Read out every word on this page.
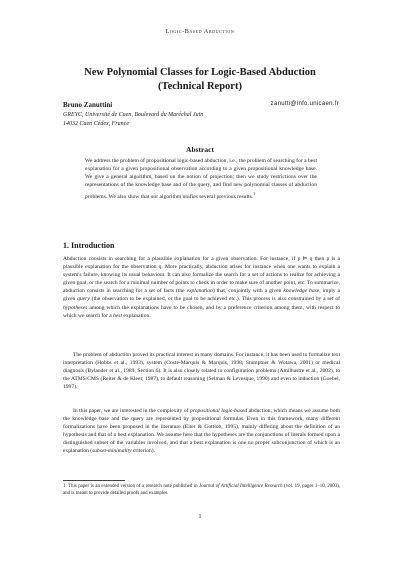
Logic-Based Abduction
New Polynomial Classes for Logic-Based Abduction
(Technical Report)
Bruno Zanuttini	zanutti@info.unicaen.fr
GREYC, Université de Caen, Boulevard du Maréchal Juin
14032 Caen Cédex, France
Abstract

We address the problem of propositional logic-based abduction, i.e., the problem of searching for a best explanation for a given propositional observation according to a given propositional knowledge base. We give a general algorithm, based on the notion of projection; then we study restrictions over the representations of the knowledge base and of the query, and find new polynomial classes of abduction problems. We also show that our algorithm unifies several previous results.$^1$

1. Introduction

Abduction consists in searching for a plausible explanation for a given observation. For instance, if p ⊨ q then p is a plausible explanation for the observation q. More practically, abduction arises for instance when one wants to explain a system's failure, knowing its usual behaviour. It can also formalize the search for a set of actions to realize for achieving a given goal, or the search for a minimal number of points to check in order to make sure of another point, etc. To summarize, abduction consists in searching for a set of facts (the explanation) that, conjointly with a given knowledge base, imply a given query (the observation to be explained, or the goal to be achieved etc.). This process is also constrained by a set of hypotheses among which the explanations have to be chosen, and by a preference criterion among them, with respect to which we search for a best explanation.

The problem of abduction proved its practical interest in many domains. For instance, it has been used to formalize text interpretation (Hobbs et al., 1993), system (Coste-Marquis & Marquis, 1998; Stumptner & Wotawa, 2001) or medical diagnosis (Bylander et al., 1989, Section 6). It is also closely related to configuration problems (Amilhastre et al., 2002), to the ATMS/CMS (Reiter & de Kleer, 1987), to default reasoning (Selman & Levesque, 1990) and even to induction (Goebel, 1997).

In this paper, we are interested in the complexity of propositional logic-based abduction, which means we assume both the knowledge base and the query are represented by propositional formulas. Even in this framework, many different formalizations have been proposed in the literature (Eiter & Gottlob, 1995), mainly differing about the definition of an hypothesis and that of a best explanation. We assume here that the hypotheses are the conjunctions of literals formed upon a distinguished subset of the variables involved, and that a best explanation is one no proper subconjunction of which is an explanation (subset-minimality criterion).

1. This paper is an extended version of a research note published in Journal of Artificial Intelligence Research (vol. 19, pages 1–10, 2003), and is meant to provide detailed proofs and examples.

1
